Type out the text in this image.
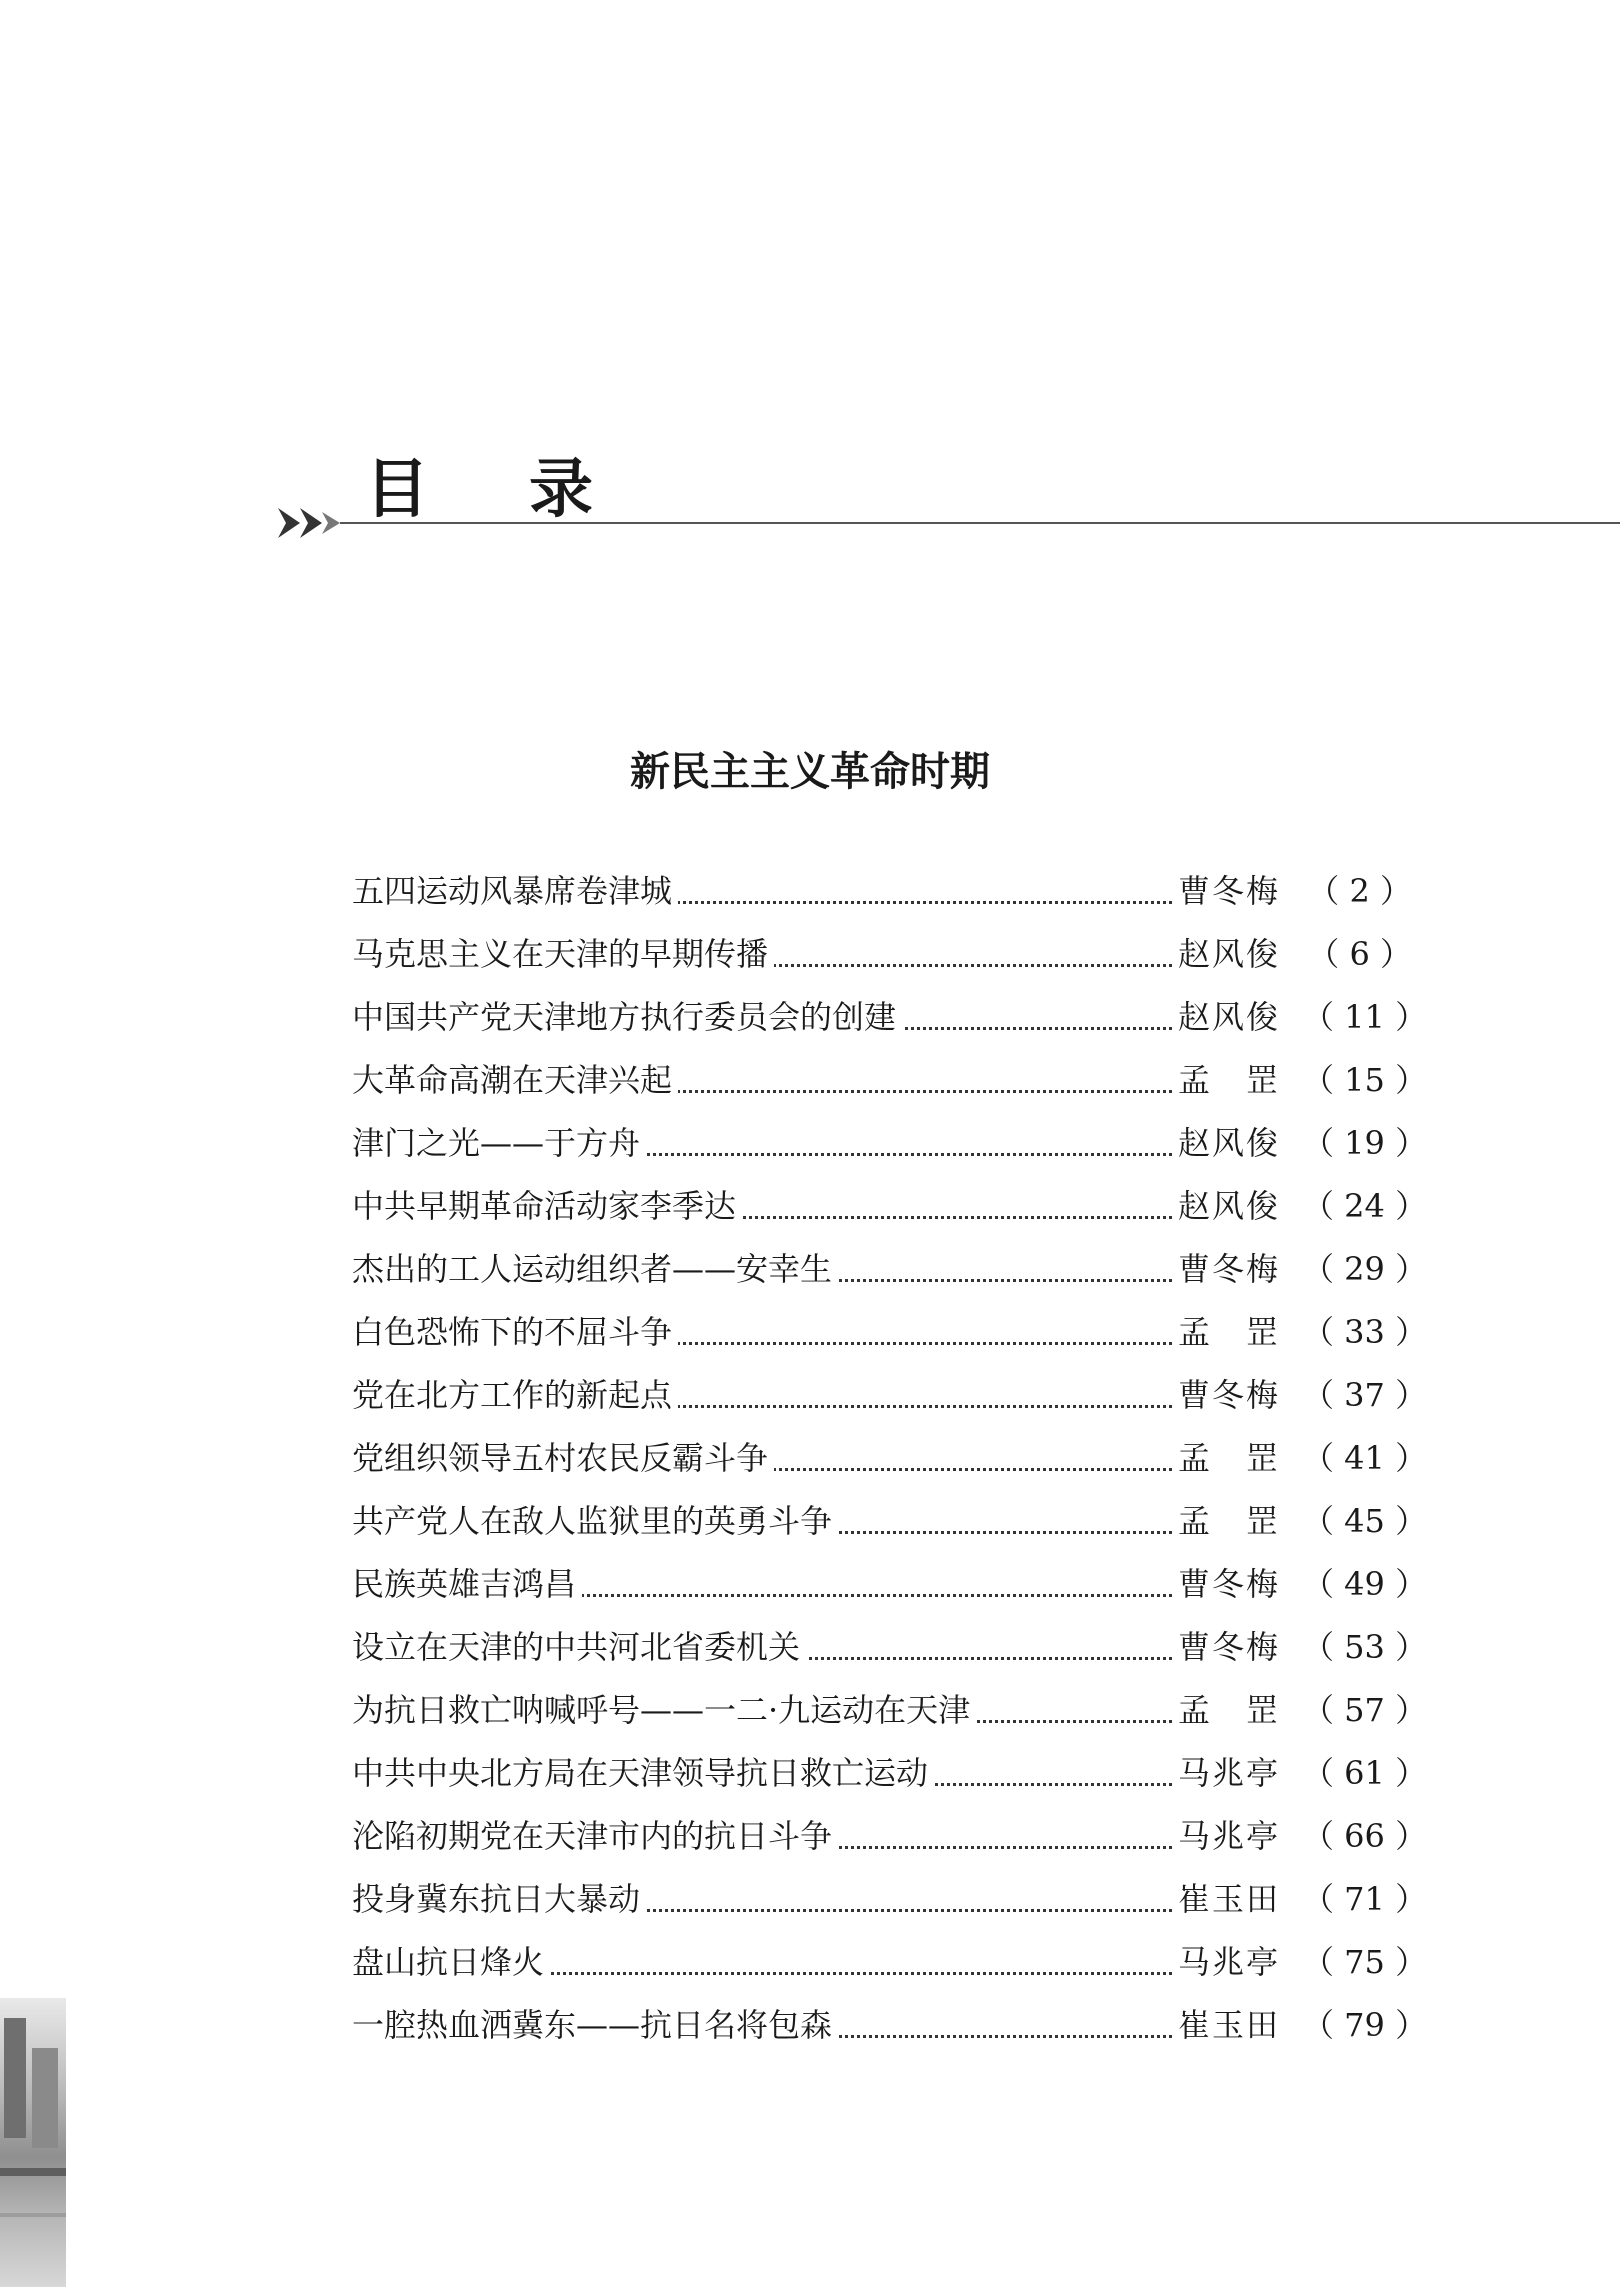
目录
新民主主义革命时期
五四运动风暴席卷津城	曹冬梅 （ 2 ）
马克思主义在天津的早期传播	赵风俊 （ 6 ）
中国共产党天津地方执行委员会的创建	赵风俊 （ 11 ）
大革命高潮在天津兴起	孟　罡 （ 15 ）
津门之光——于方舟	赵风俊 （ 19 ）
中共早期革命活动家李季达	赵风俊 （ 24 ）
杰出的工人运动组织者——安幸生	曹冬梅 （ 29 ）
白色恐怖下的不屈斗争	孟　罡 （ 33 ）
党在北方工作的新起点	曹冬梅 （ 37 ）
党组织领导五村农民反霸斗争	孟　罡 （ 41 ）
共产党人在敌人监狱里的英勇斗争	孟　罡 （ 45 ）
民族英雄吉鸿昌	曹冬梅 （ 49 ）
设立在天津的中共河北省委机关	曹冬梅 （ 53 ）
为抗日救亡呐喊呼号——一二·九运动在天津	孟　罡 （ 57 ）
中共中央北方局在天津领导抗日救亡运动	马兆亭 （ 61 ）
沦陷初期党在天津市内的抗日斗争	马兆亭 （ 66 ）
投身冀东抗日大暴动	崔玉田 （ 71 ）
盘山抗日烽火	马兆亭 （ 75 ）
一腔热血洒冀东——抗日名将包森	崔玉田 （ 79 ）
